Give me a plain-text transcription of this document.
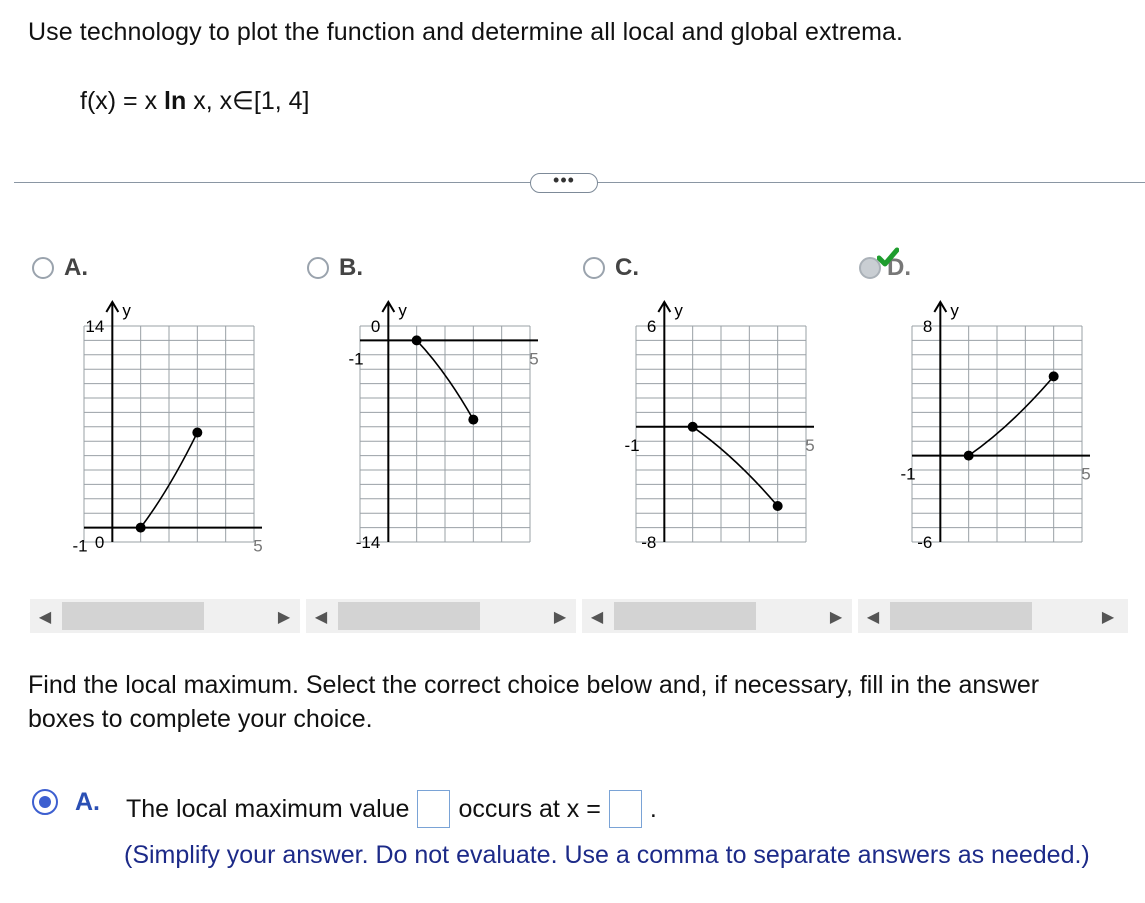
Use technology to plot the function and determine all local and global extrema.
f(x) = x ln x, x∈[1, 4]
•••
A.	B.	C.	D.
y
14
0
-1	5
y
0
-14
-1	5
y
6
-8
-1	5
y
8
-6
-1	5
◀	▶ ◀	▶ ◀	▶ ◀	▶
Find the local maximum. Select the correct choice below and, if necessary, fill in the answer boxes to complete your choice.
A. The local maximum value occurs at x = .
(Simplify your answer. Do not evaluate. Use a comma to separate answers as needed.)
